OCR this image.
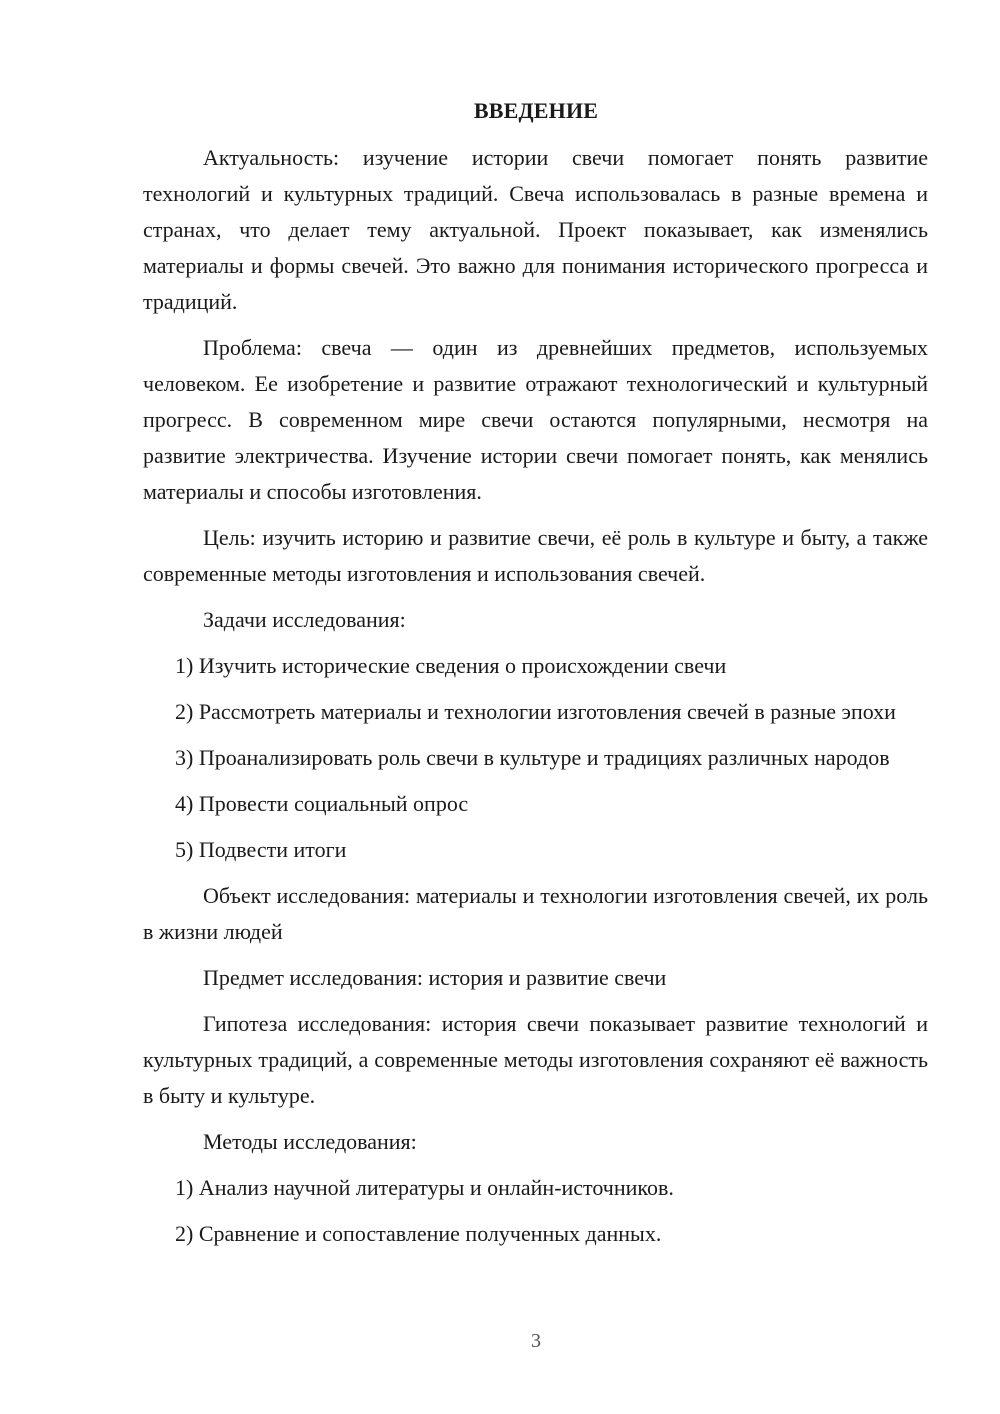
ВВЕДЕНИЕ

Актуальность: изучение истории свечи помогает понять развитие технологий и культурных традиций. Свеча использовалась в разные времена и странах, что делает тему актуальной. Проект показывает, как изменялись материалы и формы свечей. Это важно для понимания исторического прогресса и традиций.

Проблема: свеча — один из древнейших предметов, используемых человеком. Ее изобретение и развитие отражают технологический и культурный прогресс. В современном мире свечи остаются популярными, несмотря на развитие электричества. Изучение истории свечи помогает понять, как менялись материалы и способы изготовления.

Цель: изучить историю и развитие свечи, её роль в культуре и быту, а также современные методы изготовления и использования свечей.

Задачи исследования:

1) Изучить исторические сведения о происхождении свечи

2) Рассмотреть материалы и технологии изготовления свечей в разные эпохи

3) Проанализировать роль свечи в культуре и традициях различных народов

4) Провести социальный опрос

5) Подвести итоги

Объект исследования: материалы и технологии изготовления свечей, их роль в жизни людей

Предмет исследования: история и развитие свечи

Гипотеза исследования: история свечи показывает развитие технологий и культурных традиций, а современные методы изготовления сохраняют её важность в быту и культуре.

Методы исследования:

1) Анализ научной литературы и онлайн-источников.

2) Сравнение и сопоставление полученных данных.

3
